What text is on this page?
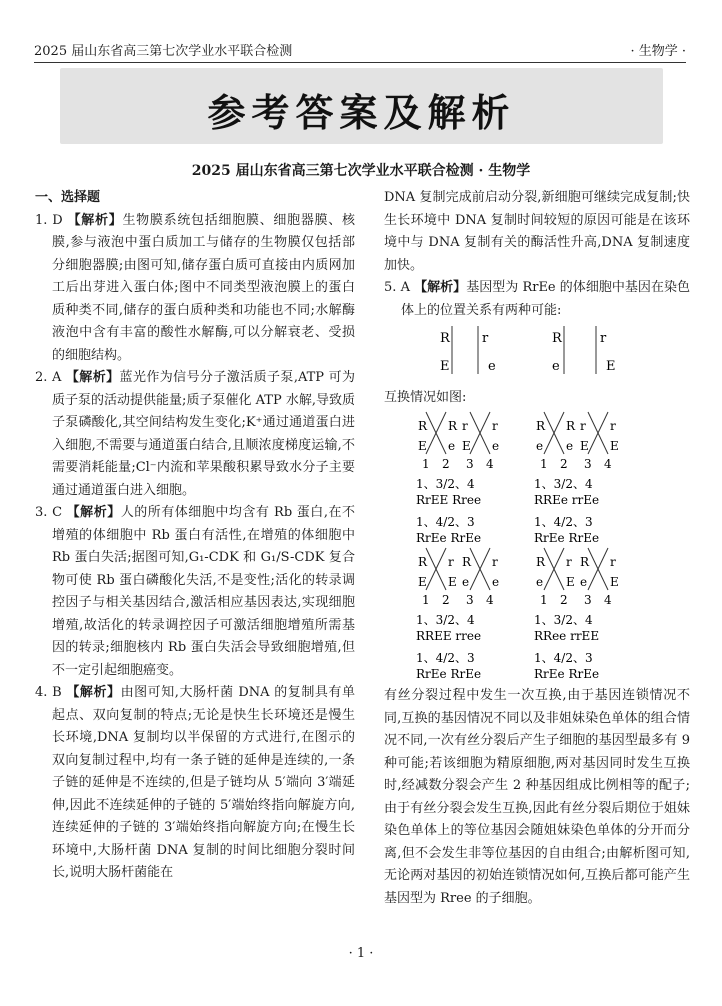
2025 届山东省高三第七次学业水平联合检测	· 生物学 ·
参考答案及解析
2025 届山东省高三第七次学业水平联合检测 · 生物学

一、选择题

1. D 【解析】生物膜系统包括细胞膜、细胞器膜、核膜,参与液泡中蛋白质加工与储存的生物膜仅包括部分细胞器膜;由图可知,储存蛋白质可直接由内质网加工后出芽进入蛋白体;图中不同类型液泡膜上的蛋白质种类不同,储存的蛋白质种类和功能也不同;水解酶液泡中含有丰富的酸性水解酶,可以分解衰老、受损的细胞结构。

2. A 【解析】蓝光作为信号分子激活质子泵,ATP 可为质子泵的活动提供能量;质子泵催化 ATP 水解,导致质子泵磷酸化,其空间结构发生变化;K⁺通过通道蛋白进入细胞,不需要与通道蛋白结合,且顺浓度梯度运输,不需要消耗能量;Cl⁻内流和苹果酸积累导致水分子主要通过通道蛋白进入细胞。

3. C 【解析】人的所有体细胞中均含有 Rb 蛋白,在不增殖的体细胞中 Rb 蛋白有活性,在增殖的体细胞中 Rb 蛋白失活;据图可知,G₁-CDK 和 G₁/S-CDK 复合物可使 Rb 蛋白磷酸化失活,不是变性;活化的转录调控因子与相关基因结合,激活相应基因表达,实现细胞增殖,故活化的转录调控因子可激活细胞增殖所需基因的转录;细胞核内 Rb 蛋白失活会导致细胞增殖,但不一定引起细胞癌变。

4. B 【解析】由图可知,大肠杆菌 DNA 的复制具有单起点、双向复制的特点;无论是快生长环境还是慢生长环境,DNA 复制均以半保留的方式进行,在图示的双向复制过程中,均有一条子链的延伸是连续的,一条子链的延伸是不连续的,但是子链均从 5′端向 3′端延伸,因此不连续延伸的子链的 5′端始终指向解旋方向,连续延伸的子链的 3′端始终指向解旋方向;在慢生长环境中,大肠杆菌 DNA 复制的时间比细胞分裂时间长,说明大肠杆菌能在

DNA 复制完成前启动分裂,新细胞可继续完成复制;快生长环境中 DNA 复制时间较短的原因可能是在该环境中与 DNA 复制有关的酶活性升高,DNA 复制速度加快。

5. A 【解析】基因型为 RrEe 的体细胞中基因在染色体上的位置关系有两种可能:

R r
E	e
R	r
e	E
互换情况如图:
R R r r
E e E e
1 2 3 4
1、3/2、4
RrEE Rree
1、4/2、3
RrEe RrEe
R R r r
e e E E
1 2 3 4
1、3/2、4
RREe rrEe
1、4/2、3
RrEe RrEe
R r R r
E E e e
1 2 3 4
1、3/2、4
RREE rree
1、4/2、3
RrEe RrEe
R r R r
e E e E
1 2 3 4
1、3/2、4
RRee rrEE
1、4/2、3
RrEe RrEe
有丝分裂过程中发生一次互换,由于基因连锁情况不同,互换的基因情况不同以及非姐妹染色单体的组合情况不同,一次有丝分裂后产生子细胞的基因型最多有 9 种可能;若该细胞为精原细胞,两对基因同时发生互换时,经减数分裂会产生 2 种基因组成比例相等的配子;由于有丝分裂会发生互换,因此有丝分裂后期位于姐妹染色单体上的等位基因会随姐妹染色单体的分开而分离,但不会发生非等位基因的自由组合;由解析图可知,无论两对基因的初始连锁情况如何,互换后都可能产生基因型为 Rree 的子细胞。
· 1 ·
